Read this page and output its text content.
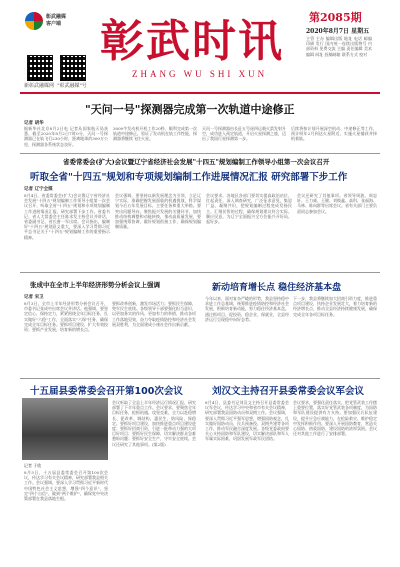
彰武融媒
客户端
新彰武融媒网 "彰武融媒"号
彰武时讯
ZHANG WU SHI XUN
第2085期
2020年8月7日 星期五
主管 主办 编辑出版 地址 电话 邮编 印刷 发行 国内统一连续出版物号 内部资料 免费交流 主编 责任编辑 美术编辑 网址 投稿邮箱 联系方式 校对
"天问一号"探测器完成第一次轨道中途修正
记者 胡华
据新华社北京8月2日电 记者从国家航天局获悉，截至2020年8月2日7时0分，天问一号探测器已在轨飞行230小时，距离地球约300万公里，探测器各系统状态良好。
3000牛发动机开机工作20秒，顺利完成第一次轨道中途修正，验证了发动机在轨工作性能，探测器将继续飞往火星。
天问一号探测器由长征五号遥四运载火箭发射升空，成功进入预定轨道，开启火星探测之旅，迈出了我国行星探测第一步。
后续将按计划开展深空机动、中途修正等工作，预计明年2月到达火星附近，实施火星捕获并择机着陆。
省委常委会(扩大)会议暨辽宁省经济社会发展"十四五"规划编制工作领导小组第一次会议召开
听取全省"十四五"规划和专项规划编制工作进展情况汇报 研究部署下步工作
记者 辽宁全媒
8月4日，省委常委会(扩大)会议暨辽宁省经济社会发展"十四五"规划编制工作领导小组第一次会议召开，听取全省"十四五"规划和专项规划编制工作进展情况汇报，研究部署下步工作。省委书记、省人大常委会主任陈求发主持会议并讲话，省委副书记、省长唐一军出席。会议指出，编制好"十四五"规划意义重大，要深入学习贯彻习近平总书记关于"十四五"规划编制工作的重要指示精神。
会议强调，要坚持以新发展理念为引领，立足辽宁实际，准确把握发展面临的机遇挑战，科学谋划今后五年发展目标、主要任务和重大举措。要突出问题导向，聚焦振兴发展的关键环节，加快推动结构调整和动能转换，推动高质量发展，要加强统筹协调，做好规划衔接工作，确保规划编制质量。
会议要求，各地区各部门要切实提高政治站位，扛起责任，深入调查研究，广泛征求意见，集思广益、凝聚共识，把规划编制过程变成发扬民主、汇聚民智的过程，确保规划建议符合实际、顺应民意，为辽宁全面振兴全方位振兴开好局、起好步。
会议还研究了其他事项。省领导周波、周忠轩、王力威、王健、刘焕鑫、高科、张福海、马林、陈向群等出席会议。省有关部门主要负责同志参加会议。
张成中在全市上半年经济形势分析会议上强调
记者 宋卫
8月3日，全市上半年经济形势分析会议召开，市委书记张成中出席会议并讲话。他强调，要坚定信心、保持定力，紧紧围绕全年目标任务，扎实做好"六稳"工作，全面落实"六保"任务，确保完成全年目标任务。要抓项目建设，扩大有效投资；要抓产业发展，培育新的增长点。
要抓改革创新，激发市场活力；要抓民生保障，兜牢民生底线。各级领导干部要强化担当意识，以更加务实的作风、更加有力的举措，推动各项工作落地见效，奋力夺取疫情防控和经济社会发展双胜利，为全面建成小康社会作出新贡献。
新动培育增长点 稳住经济基本盘
今年以来，面对复杂严峻的形势，我县坚持稳中求进工作总基调，统筹推进疫情防控和经济社会发展，积极培育新动能，努力稳住经济基本盘。通过抓项目、促投资、稳企业、保就业，全县经济运行呈现稳中向好态势。
下一步，我县将继续加大招商引资力度，推进重点项目建设，扶持企业发展壮大，着力培育新的经济增长点，推动全县经济持续健康发展，确保完成全年各项目标任务。
十五届县委常委会召开第100次会议
记者 于欣
8月5日，十五届县委常委会召开第100次会议，传达学习有关会议精神，研究部署我县相关工作。会议强调，要深入学习贯彻习近平新时代中国特色社会主义思想，增强"四个意识"，坚定"四个自信"，做到"两个维护"，确保党中央决策部署在我县落地生根。
会议听取了全县上半年经济运行情况汇报，研究部署了下半年重点工作。会议要求，要聚焦全年目标任务，抢抓机遇、攻坚克难，全力以赴稳增长、促改革、调结构、惠民生、防风险、保稳定。要抓好项目建设，加快推进重点项目建设进度；要抓好招商引资，引进一批带动力强的大项目好项目；要抓好民生保障，切实解决群众急难愁盼问题；要抓好安全生产，守牢安全底线。会议还研究了其他事项。(第2版)
刘汉文主持召开县委常委会议军会议
8月4日，县委书记刘汉文主持召开县委常委会议军会议，传达学习中央和省市有关会议精神，研究部署我县国防动员和双拥工作。会议强调，要深入贯彻习近平强军思想，增强国防观念，扎实做好国防动员、民兵预备役、双拥共建等各项工作，推动军民融合深度发展。各级党委政府要关心支持国防和军队建设，切实解决部队和军人军属实际困难，巩固发展军政军民团结。
会议要求，要强化责任落实，把党管武装工作摆上重要位置，落实好党管武装各项制度，为国防和军队建设提供有力支持。要加强民兵队伍建设，提升应急应战能力，在抢险救灾、维护稳定中发挥积极作用。要深入开展国防教育，营造关心国防、热爱国防、建设国防的浓厚氛围。会议还对其他工作进行了安排部署。
